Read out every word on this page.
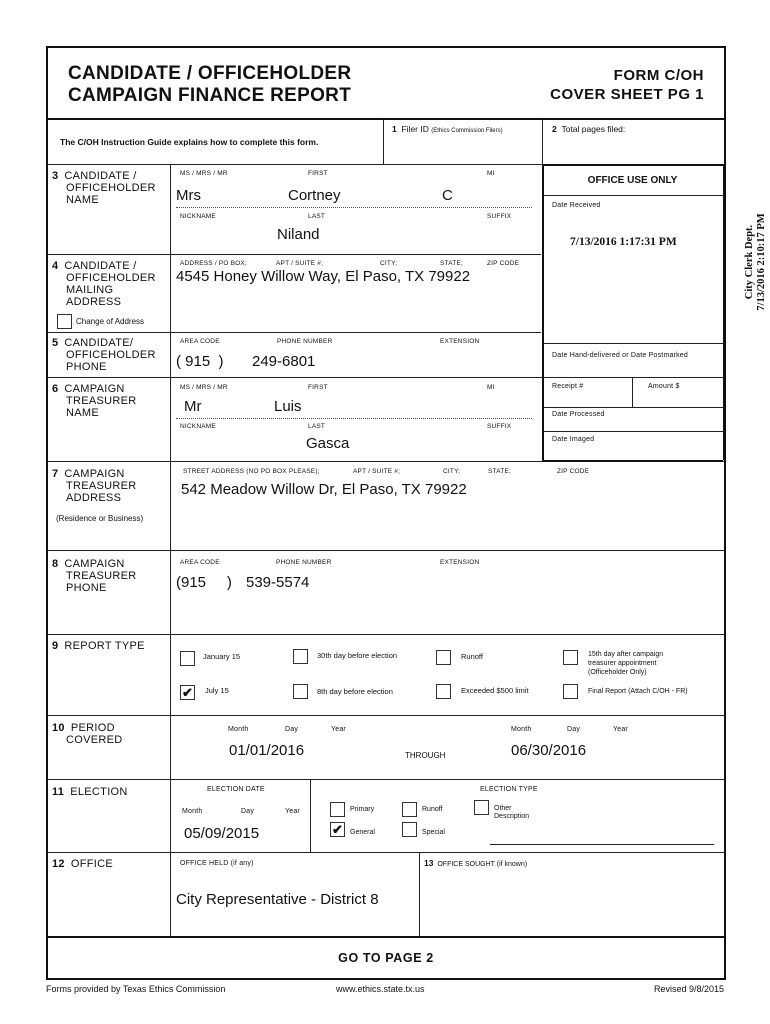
CANDIDATE / OFFICEHOLDER
CAMPAIGN FINANCE REPORT
FORM C/OH
COVER SHEET PG 1
The C/OH Instruction Guide explains how to complete this form.
1 Filer ID (Ethics Commission Filers)	2 Total pages filed:
3 CANDIDATE /
OFFICEHOLDER
NAME
MS / MRS / MR	FIRST	MI
Mrs	Cortney	C
NICKNAME	LAST	SUFFIX
Niland
4 CANDIDATE /
OFFICEHOLDER
MAILING
ADDRESS
ADDRESS / PO BOX;	APT / SUITE #;	CITY;	STATE;	ZIP CODE
4545 Honey Willow Way, El Paso, TX 79922
Change of Address
5 CANDIDATE/
OFFICEHOLDER
PHONE
AREA CODE	PHONE NUMBER	EXTENSION
( 915  ) 249-6801
6 CAMPAIGN
TREASURER
NAME
MS / MRS / MR	FIRST	MI
Mr	Luis
NICKNAME	LAST	SUFFIX
Gasca
OFFICE USE ONLY
Date Received
7/13/2016 1:17:31 PM
Date Hand-delivered or Date Postmarked
Receipt #	Amount $
Date Processed
Date Imaged
City Clerk Dept. 7/13/2016 2:10:17 PM
7 CAMPAIGN
TREASURER
ADDRESS
(Residence or Business)
STREET ADDRESS (NO PO BOX PLEASE);	APT / SUITE #;	CITY;	STATE;	ZIP CODE
542 Meadow Willow Dr, El Paso, TX 79922
8 CAMPAIGN
TREASURER
PHONE
AREA CODE	PHONE NUMBER	EXTENSION
(915     ) 539-5574
9 REPORT TYPE
January 15	30th day before election	Runoff	15th day after campaign
treasurer appointment
(Officeholder Only)
✔ July 15	8th day before election	Exceeded $500 limit	Final Report (Attach C/OH - FR)
10 PERIOD
COVERED
Month	Day	Year
01/01/2016	THROUGH
Month	Day	Year
06/30/2016
11 ELECTION	ELECTION DATE
Month	Day	Year
05/09/2015
ELECTION TYPE
Primary	Runoff	Other
Description
✔ General	Special
12 OFFICE	OFFICE HELD (if any)
City Representative - District 8
13 OFFICE SOUGHT (if known)
GO TO PAGE 2
Forms provided by Texas Ethics Commission	www.ethics.state.tx.us	Revised 9/8/2015
